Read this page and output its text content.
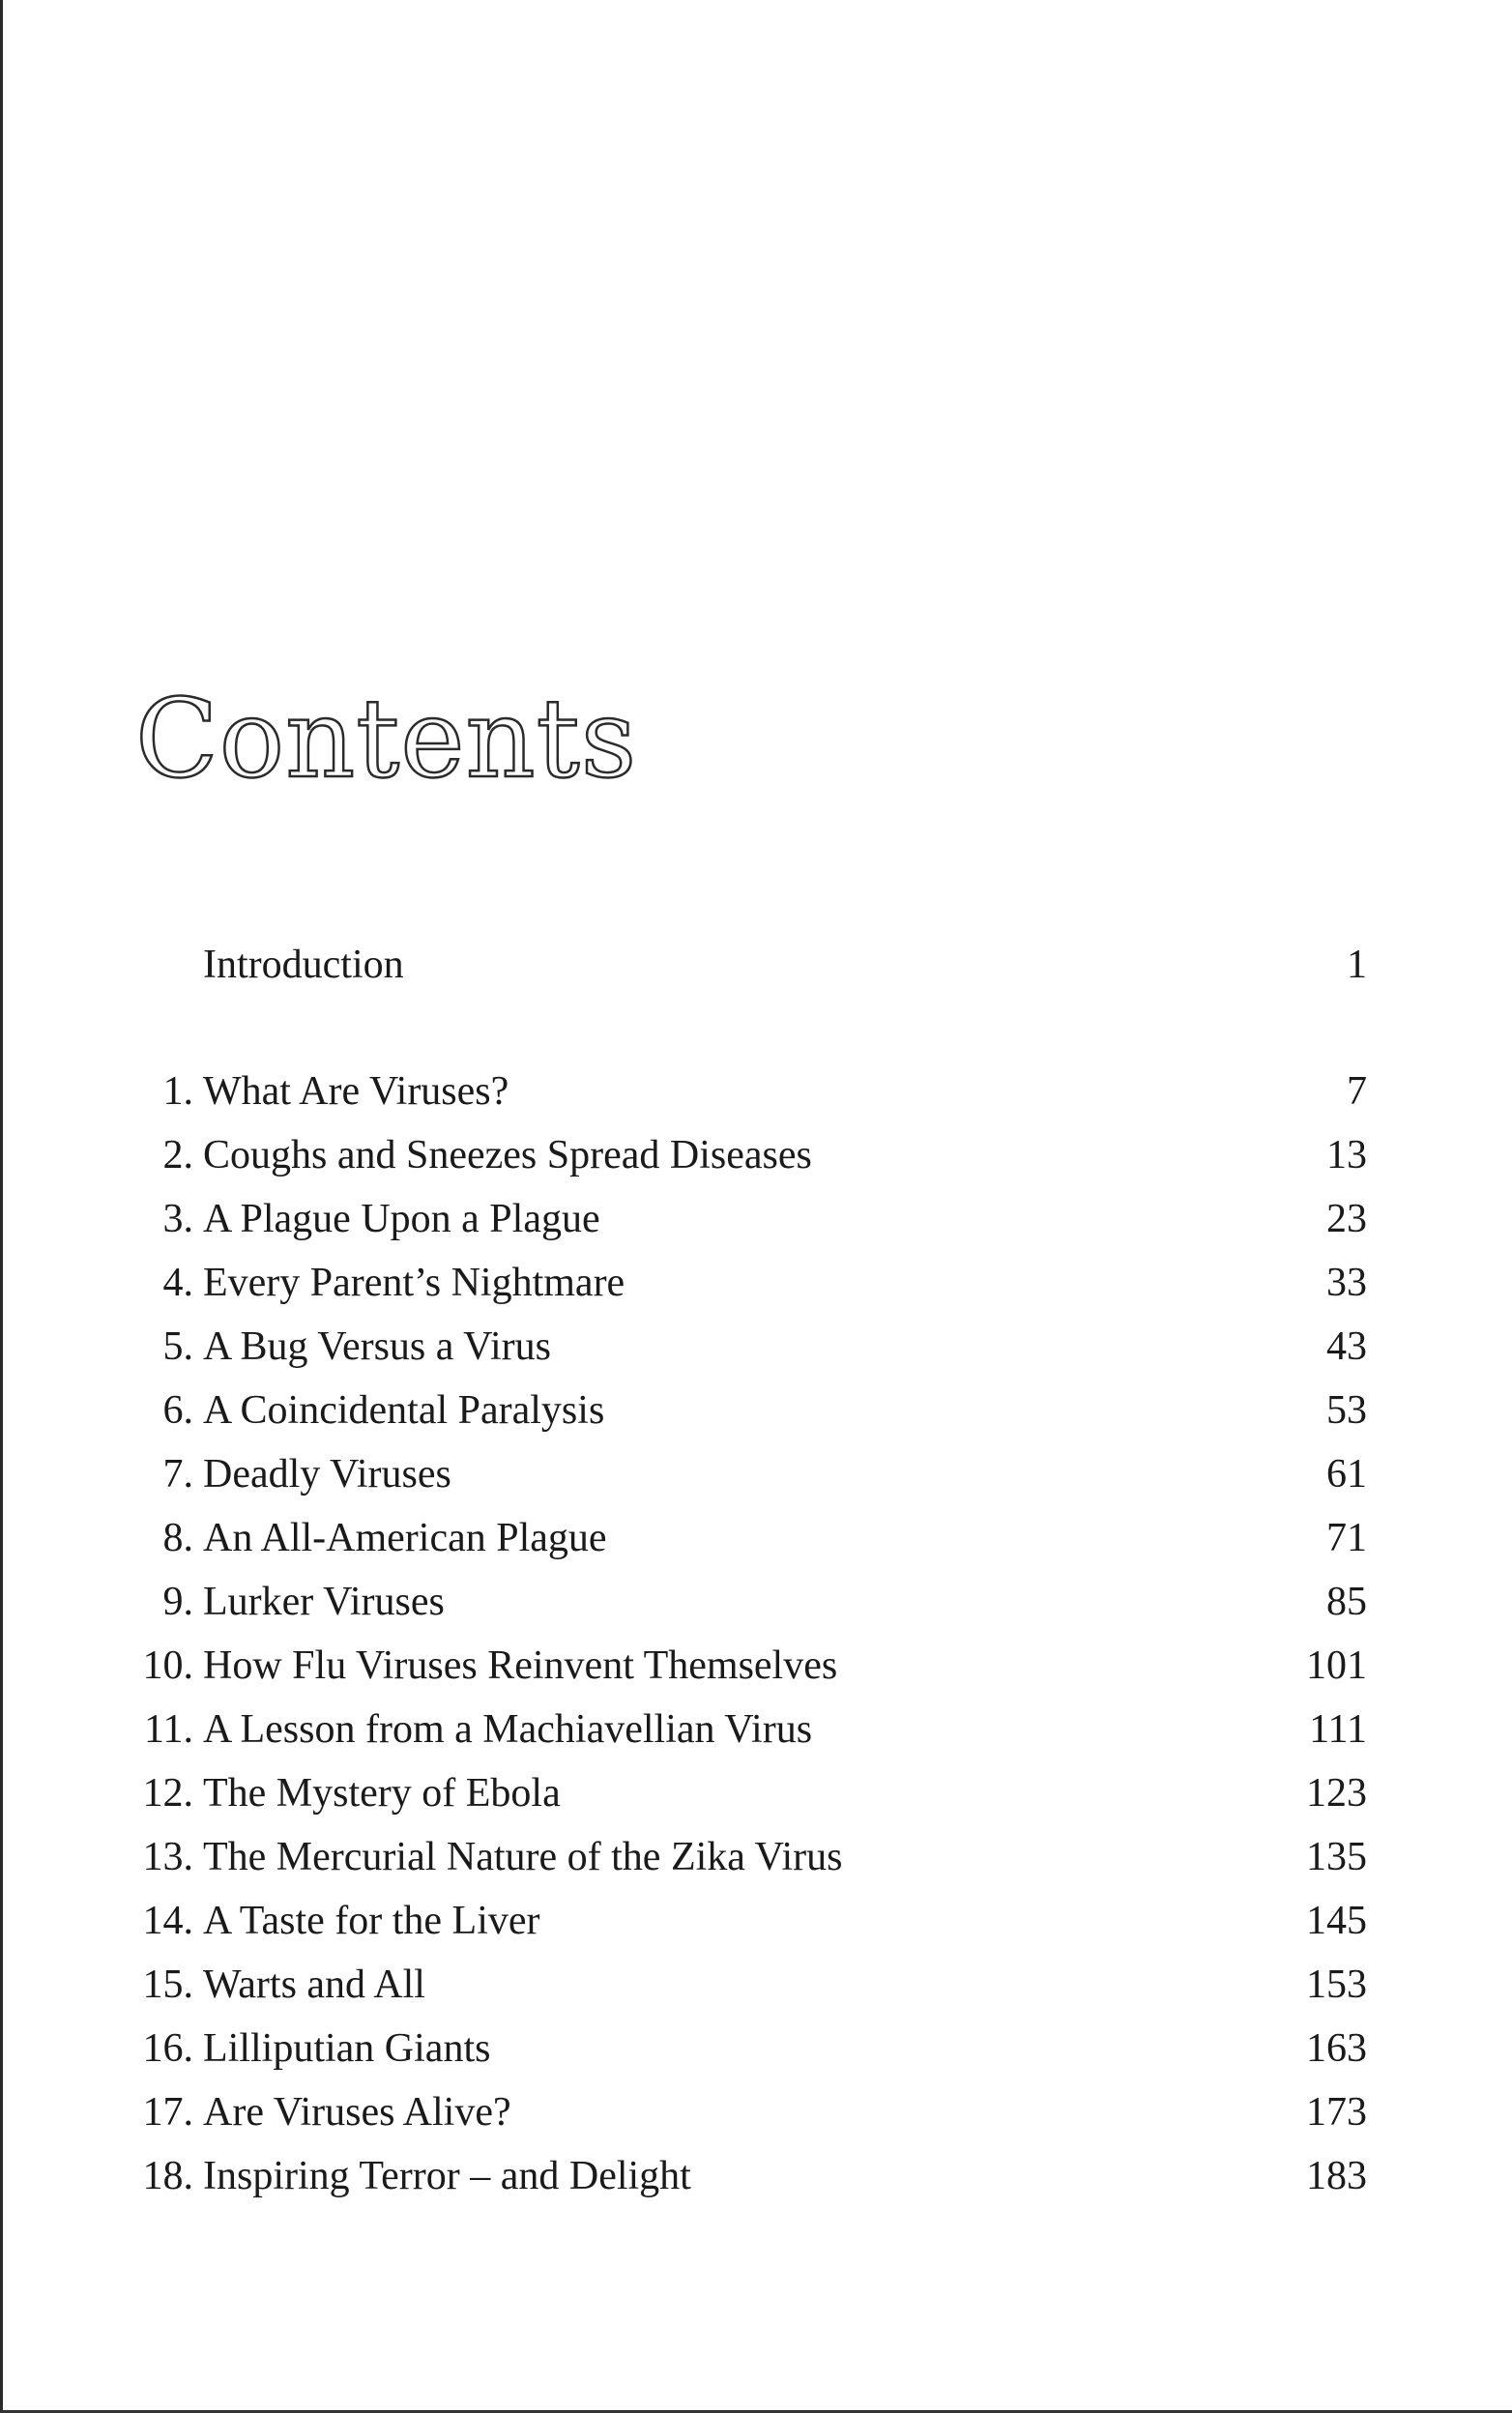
Contents
Introduction	1
1. What Are Viruses?	7
2. Coughs and Sneezes Spread Diseases	13
3. A Plague Upon a Plague	23
4. Every Parent’s Nightmare	33
5. A Bug Versus a Virus	43
6. A Coincidental Paralysis	53
7. Deadly Viruses	61
8. An All-American Plague	71
9. Lurker Viruses	85
10. How Flu Viruses Reinvent Themselves	101
11. A Lesson from a Machiavellian Virus	111
12. The Mystery of Ebola	123
13. The Mercurial Nature of the Zika Virus	135
14. A Taste for the Liver	145
15. Warts and All	153
16. Lilliputian Giants	163
17. Are Viruses Alive?	173
18. Inspiring Terror – and Delight	183
